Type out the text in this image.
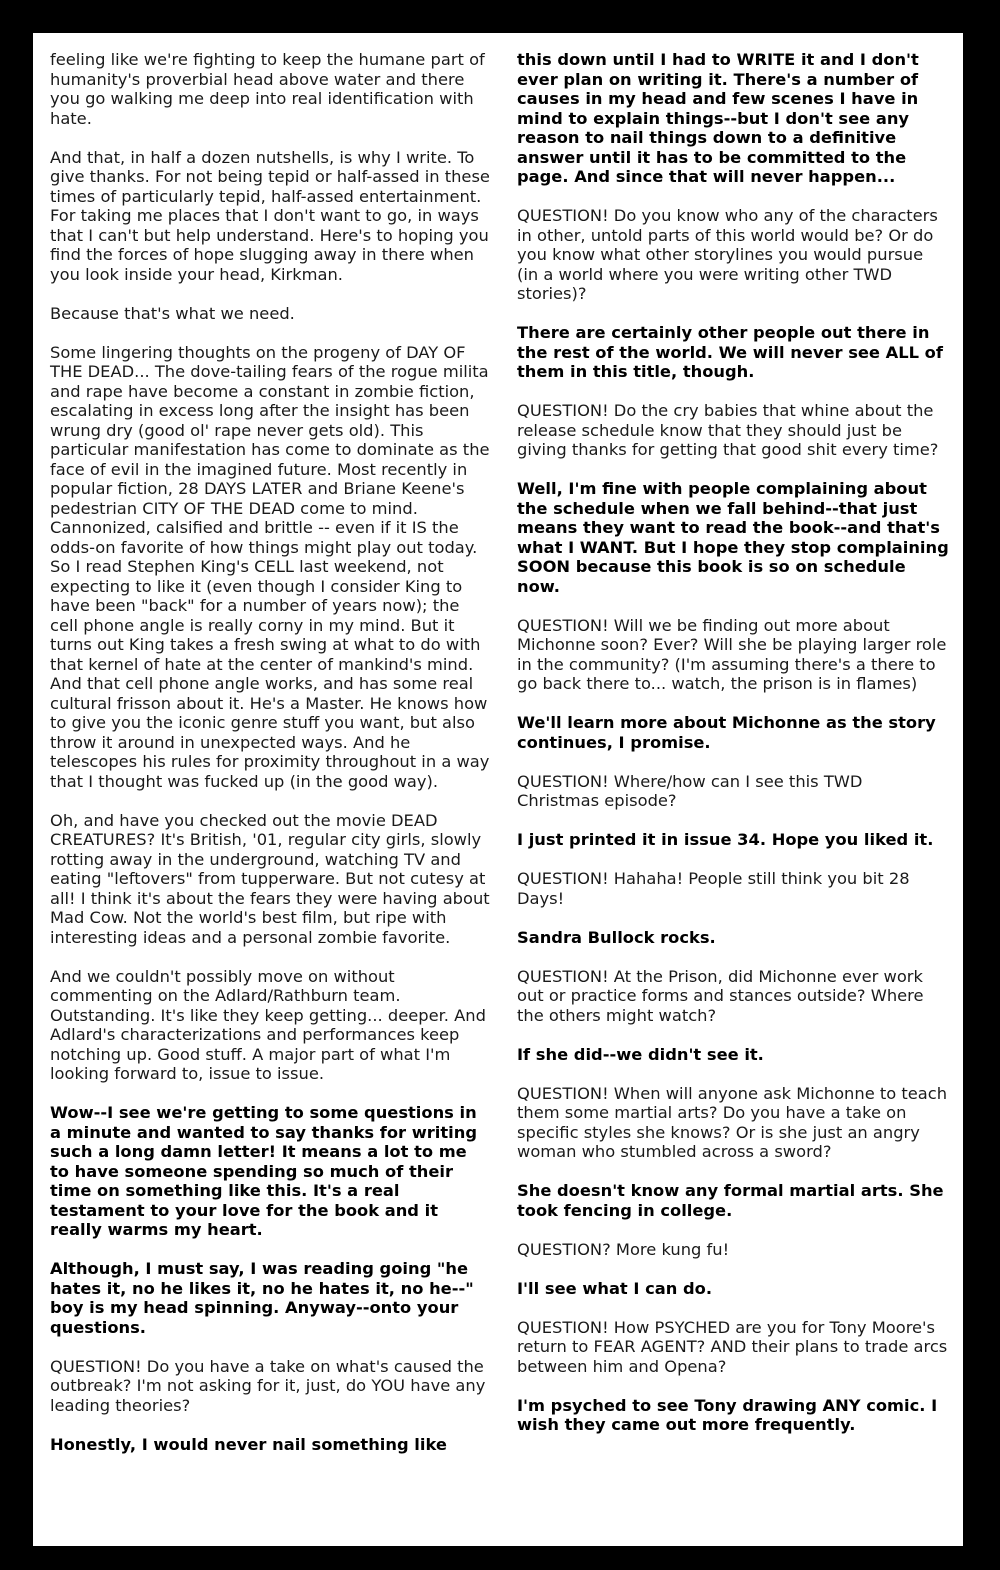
feeling like we're fighting to keep the humane part of humanity's proverbial head above water and there you go walking me deep into real identification with hate.

And that, in half a dozen nutshells, is why I write. To give thanks. For not being tepid or half-assed in these times of particularly tepid, half-assed entertainment. For taking me places that I don't want to go, in ways that I can't but help understand. Here's to hoping you find the forces of hope slugging away in there when you look inside your head, Kirkman.

Because that's what we need.

Some lingering thoughts on the progeny of DAY OF THE DEAD... The dove-tailing fears of the rogue milita and rape have become a constant in zombie fiction, escalating in excess long after the insight has been wrung dry (good ol' rape never gets old). This particular manifestation has come to dominate as the face of evil in the imagined future. Most recently in popular fiction, 28 DAYS LATER and Briane Keene's pedestrian CITY OF THE DEAD come to mind. Cannonized, calsified and brittle -- even if it IS the odds-on favorite of how things might play out today. So I read Stephen King's CELL last weekend, not expecting to like it (even though I consider King to have been "back" for a number of years now); the cell phone angle is really corny in my mind. But it turns out King takes a fresh swing at what to do with that kernel of hate at the center of mankind's mind. And that cell phone angle works, and has some real cultural frisson about it. He's a Master. He knows how to give you the iconic genre stuff you want, but also throw it around in unexpected ways. And he telescopes his rules for proximity throughout in a way that I thought was fucked up (in the good way).

Oh, and have you checked out the movie DEAD CREATURES? It's British, '01, regular city girls, slowly rotting away in the underground, watching TV and eating "leftovers" from tupperware. But not cutesy at all! I think it's about the fears they were having about Mad Cow. Not the world's best film, but ripe with interesting ideas and a personal zombie favorite.

And we couldn't possibly move on without commenting on the Adlard/Rathburn team. Outstanding. It's like they keep getting... deeper. And Adlard's characterizations and performances keep notching up. Good stuff. A major part of what I'm looking forward to, issue to issue.

Wow--I see we're getting to some questions in a minute and wanted to say thanks for writing such a long damn letter! It means a lot to me to have someone spending so much of their time on something like this. It's a real testament to your love for the book and it really warms my heart.

Although, I must say, I was reading going "he hates it, no he likes it, no he hates it, no he--" boy is my head spinning. Anyway--onto your questions.

QUESTION! Do you have a take on what's caused the outbreak? I'm not asking for it, just, do YOU have any leading theories?

Honestly, I would never nail something like

this down until I had to WRITE it and I don't ever plan on writing it. There's a number of causes in my head and few scenes I have in mind to explain things--but I don't see any reason to nail things down to a definitive answer until it has to be committed to the page. And since that will never happen...

QUESTION! Do you know who any of the characters in other, untold parts of this world would be? Or do you know what other storylines you would pursue (in a world where you were writing other TWD stories)?

There are certainly other people out there in the rest of the world. We will never see ALL of them in this title, though.

QUESTION! Do the cry babies that whine about the release schedule know that they should just be giving thanks for getting that good shit every time?

Well, I'm fine with people complaining about the schedule when we fall behind--that just means they want to read the book--and that's what I WANT. But I hope they stop complaining SOON because this book is so on schedule now.

QUESTION! Will we be finding out more about Michonne soon? Ever? Will she be playing larger role in the community? (I'm assuming there's a there to go back there to... watch, the prison is in flames)

We'll learn more about Michonne as the story continues, I promise.

QUESTION! Where/how can I see this TWD Christmas episode?

I just printed it in issue 34. Hope you liked it.

QUESTION! Hahaha! People still think you bit 28 Days!

Sandra Bullock rocks.

QUESTION! At the Prison, did Michonne ever work out or practice forms and stances outside? Where the others might watch?

If she did--we didn't see it.

QUESTION! When will anyone ask Michonne to teach them some martial arts? Do you have a take on specific styles she knows? Or is she just an angry woman who stumbled across a sword?

She doesn't know any formal martial arts. She took fencing in college.

QUESTION? More kung fu!

I'll see what I can do.

QUESTION! How PSYCHED are you for Tony Moore's return to FEAR AGENT? AND their plans to trade arcs between him and Opena?

I'm psyched to see Tony drawing ANY comic. I wish they came out more frequently.
